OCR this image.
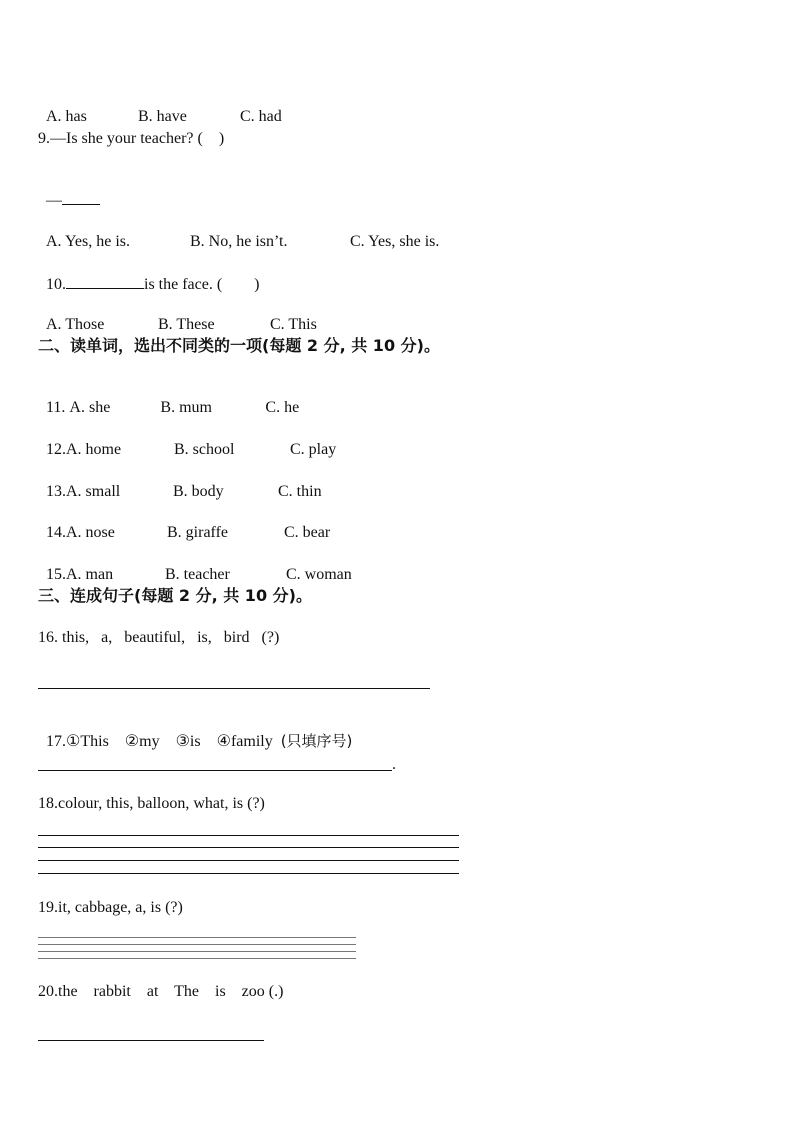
A. has	B. have	C. had

9.—Is she your teacher? (　)

—

A. Yes, he is.	B. No, he isn’t.	C. Yes, she is.

10.	is the face. (　　)

A. Those	B. These	C. This

二、读单词，选出不同类的一项(每题 2 分, 共 10 分)。

11. A. she	B. mum	C. he

12.A. home	B. school	C. play

13.A. small	B. body	C. thin

14.A. nose	B. giraffe	C. bear

15.A. man	B. teacher	C. woman

三、连成句子(每题 2 分, 共 10 分)。
16. this,   a,   beautiful,   is,   bird   (?)

17.①This    ②my    ③is    ④family  (只填序号)

.
18.colour, this, balloon, what, is (?)
19.it, cabbage, a, is (?)
20.the    rabbit    at    The    is    zoo (.)
